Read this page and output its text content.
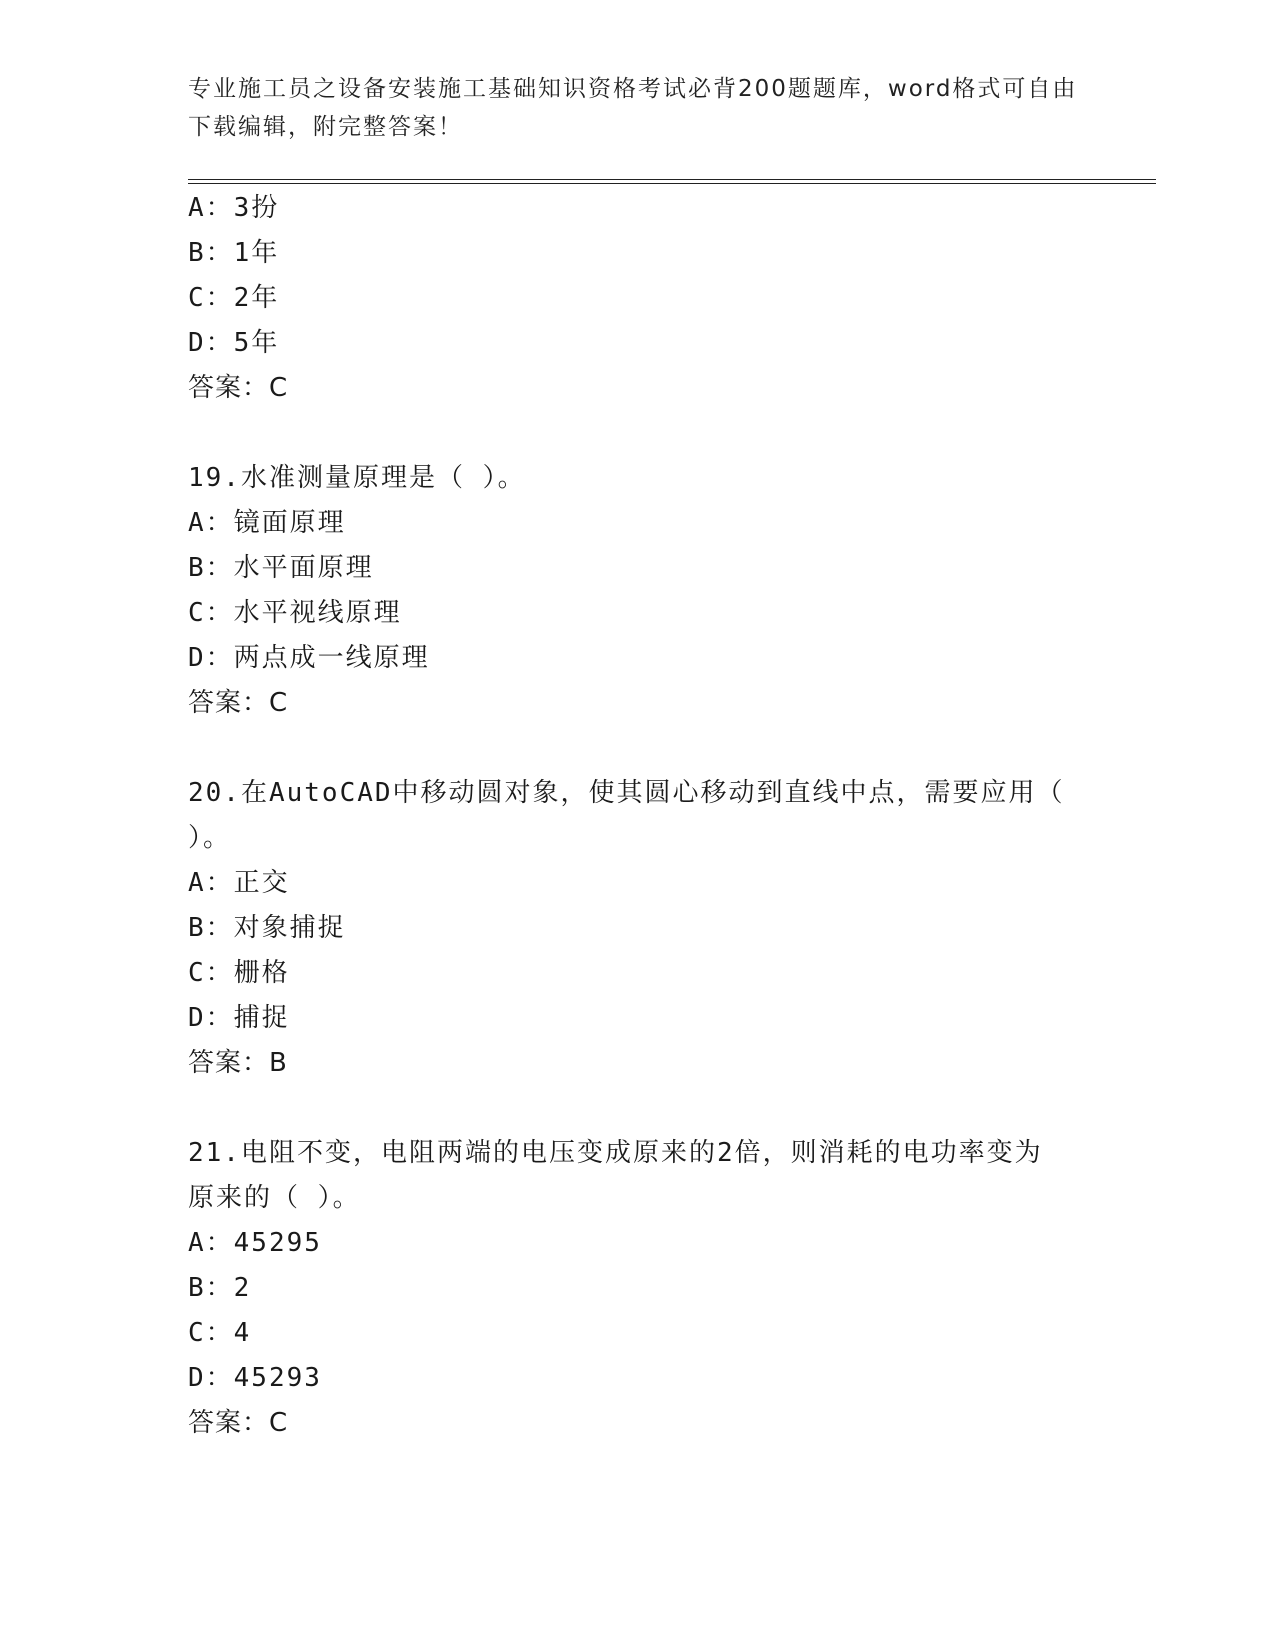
专业施工员之设备安装施工基础知识资格考试必背200题题库，word格式可自由
下载编辑，附完整答案！
A：3扮
B：1年
C：2年
D：5年
答案：C
19.水准测量原理是（ ）。
A：镜面原理
B：水平面原理
C：水平视线原理
D：两点成一线原理
答案：C
20.在AutoCAD中移动圆对象，使其圆心移动到直线中点，需要应用（
）。
A：正交
B：对象捕捉
C：栅格
D：捕捉
答案：B
21.电阻不变，电阻两端的电压变成原来的2倍，则消耗的电功率变为
原来的（ ）。
A：45295
B：2
C：4
D：45293
答案：C
